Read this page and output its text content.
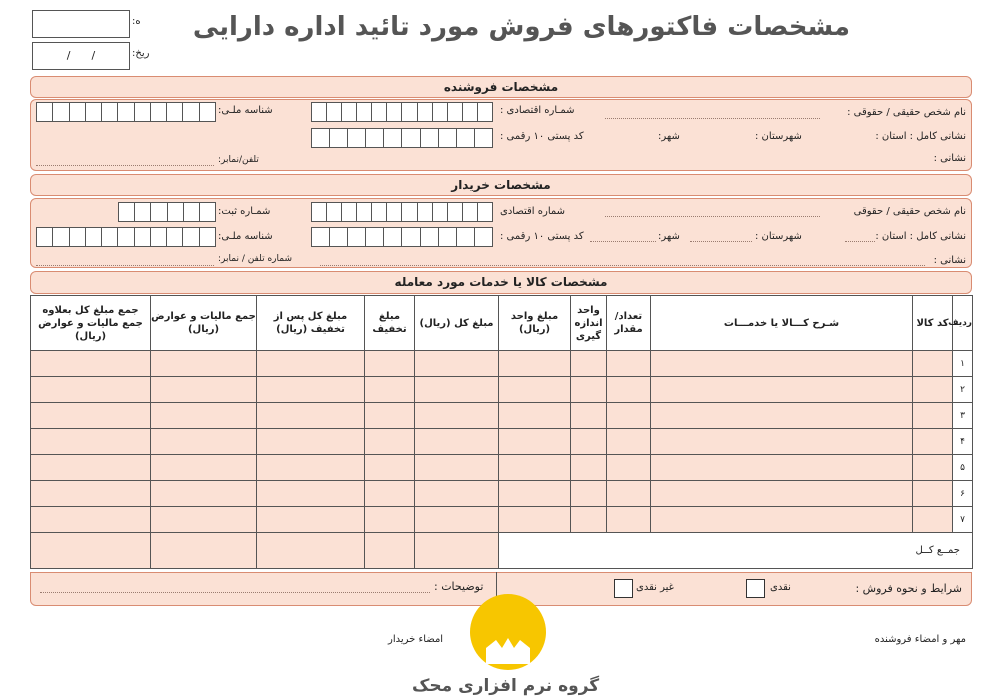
ه:
/      /	ریخ:
مشخصات فاکتورهای فروش مورد تائید اداره دارایی
مشخصات فروشنده
نام شخص حقیقی / حقوقی :
شمـاره اقتصادی :
شناسه ملـی:
نشانی کامل : استان :
شهرستان :
شهر:
کد پستی ۱۰ رقمی :
نشانی :
تلفن/نمابر:
مشخصات خریدار
نام شخص حقیقی / حقوقی
شماره اقتصادی
شمـاره ثبت:
نشانی کامل : استان :
شهرستان :
شهر:
کد پستی ۱۰ رقمی :
شناسه ملـی:
نشانی :
شماره تلفن / نمابر:
مشخصات کالا یا خدمات مورد معامله
ردیف	کد کالا	شـرح کـــالا یا خدمـــات	تعداد/ مقدار	واحد اندازه گیری	مبلغ واحد (ریال)	مبلغ کل (ریال)	مبلغ تخفیف	مبلغ کل پس از تخفیف (ریال)	جمع مالیات و عوارض (ریال)	جمع مبلغ کل بعلاوه جمع مالیات و عوارض (ریال)
۱										
۲										
۳										
۴										
۵										
۶										
۷										
جمــع کــل										
شرایط و نحوه فروش :
نقدی
غیر نقدی
توضیحات :
مهر و امضاء فروشنده
امضاء خریدار
گروه نرم افزاری محک
